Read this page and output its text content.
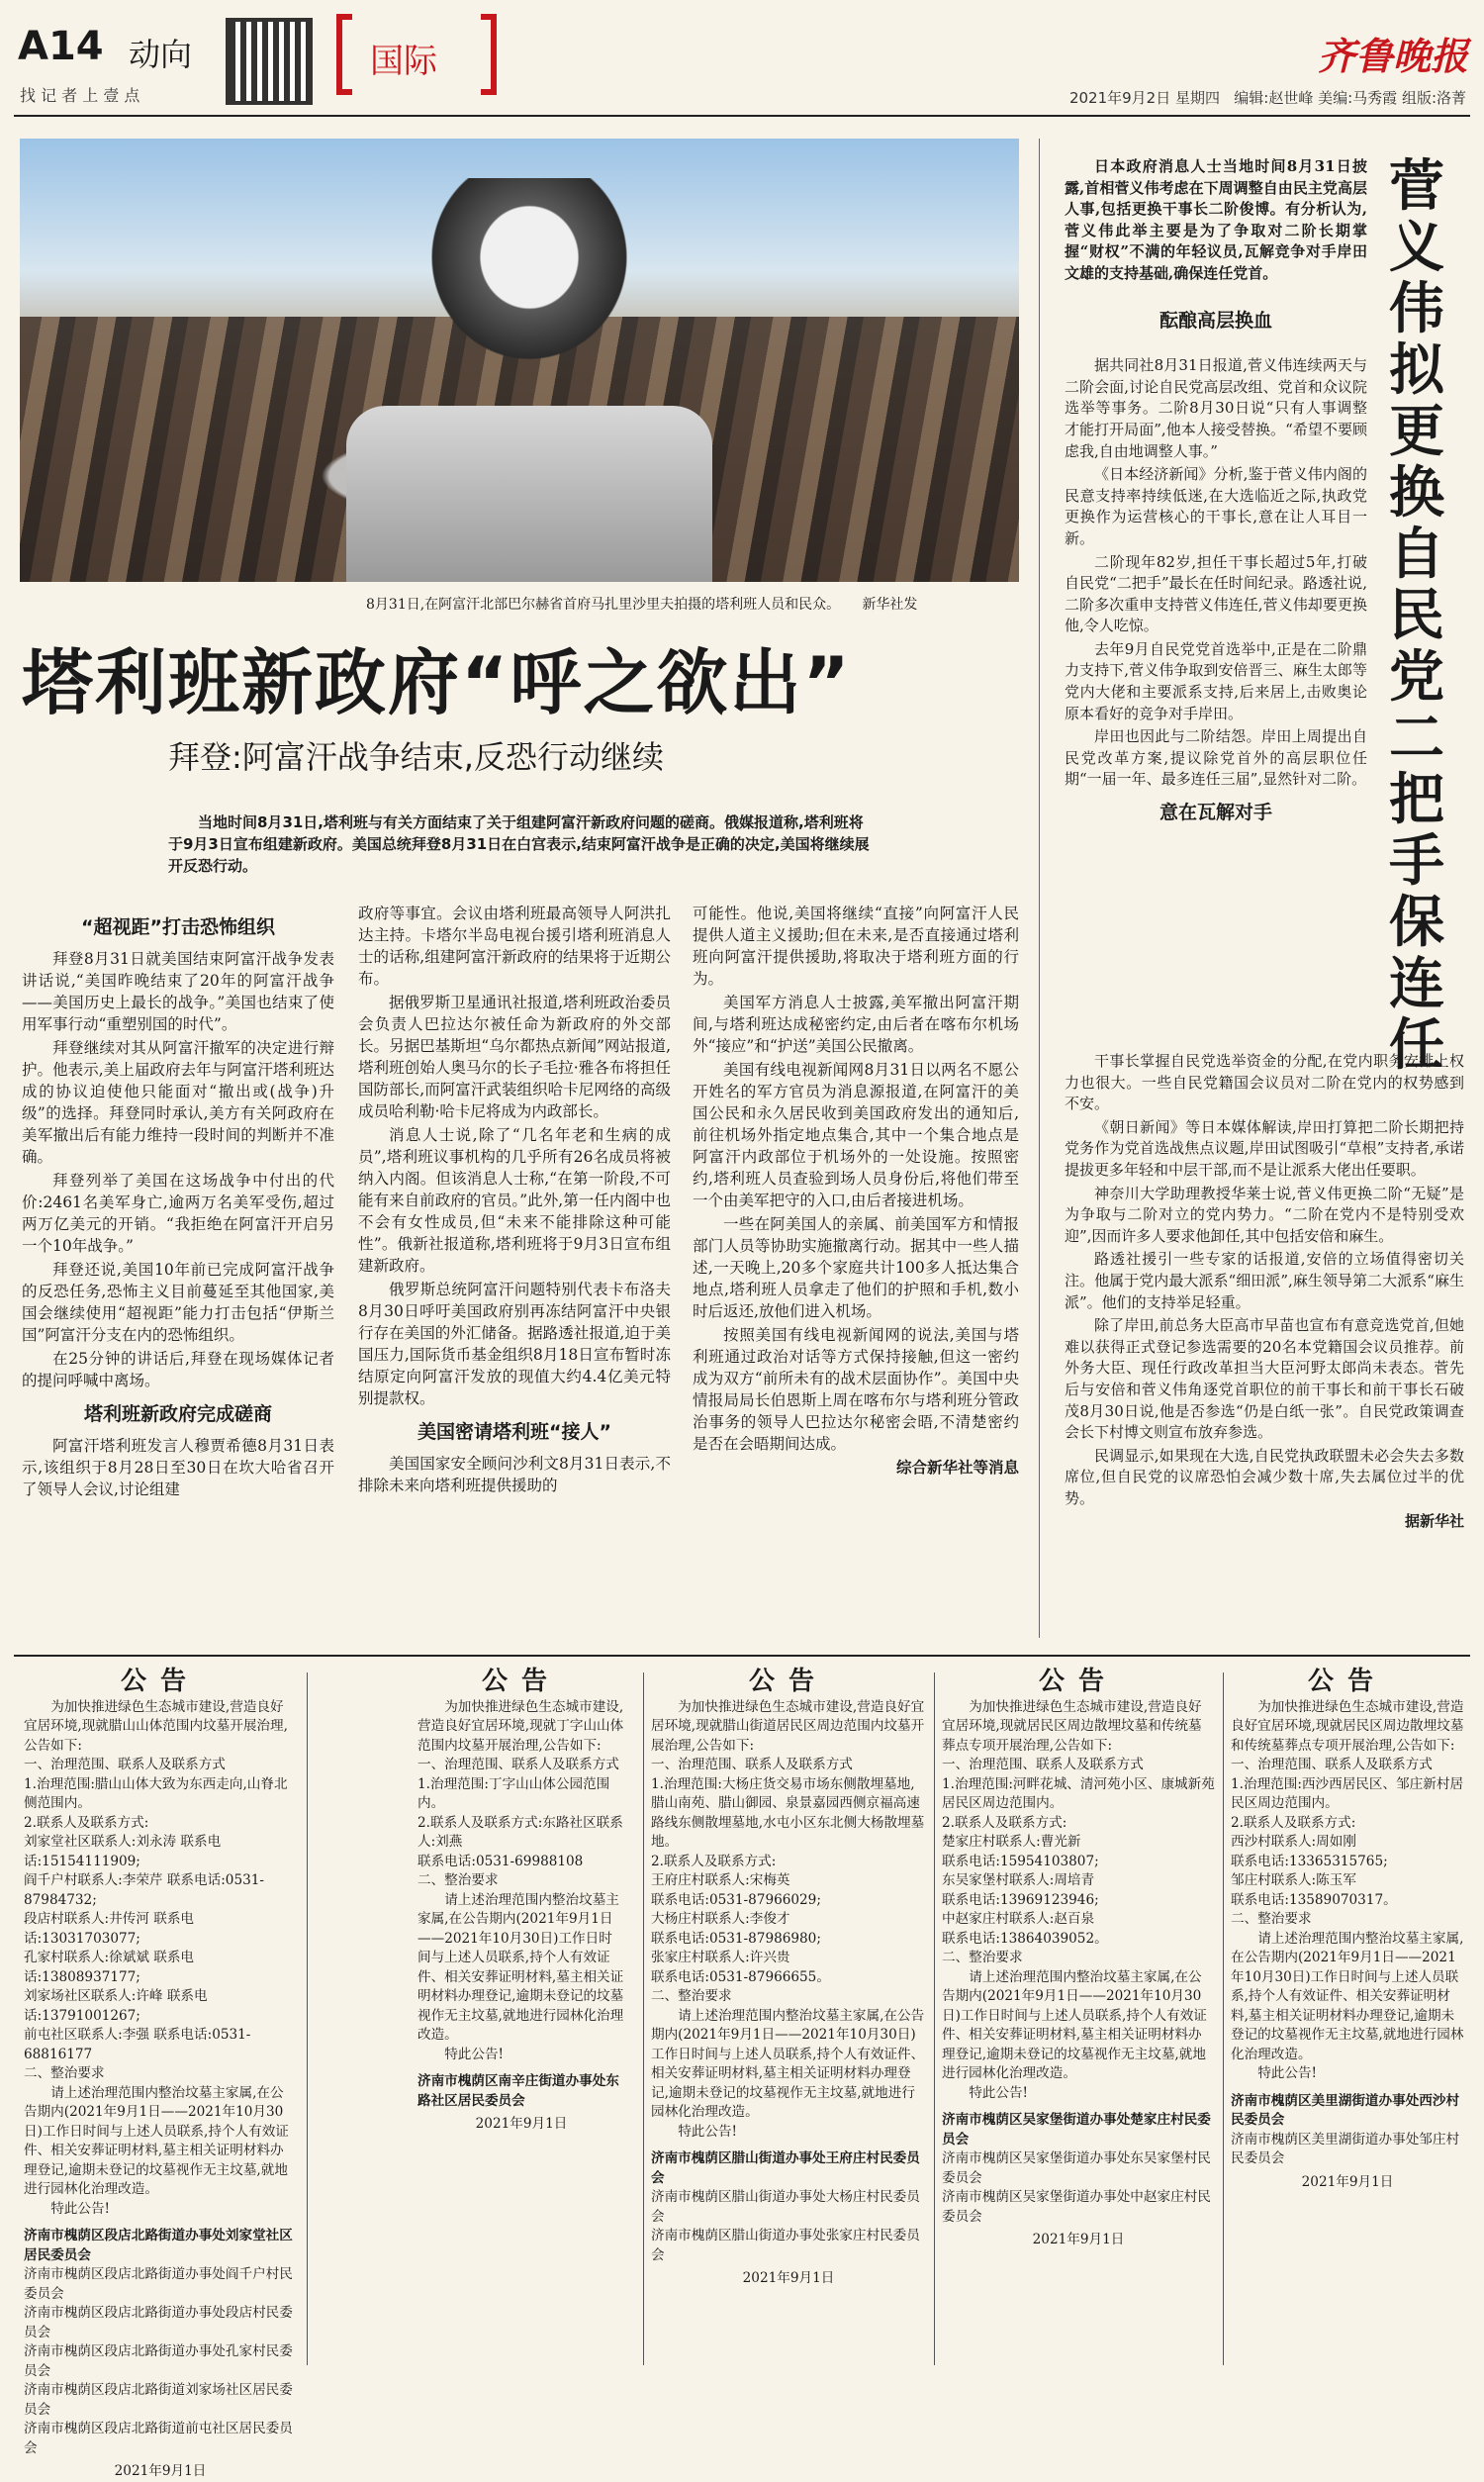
A14 动向
找 记 者 上 壹 点
国际	齐鲁晚报
2021年9月2日 星期四 编辑:赵世峰 美编:马秀霞 组版:洛菁
8月31日,在阿富汗北部巴尔赫省首府马扎里沙里夫拍摄的塔利班人员和民众。 新华社发
塔利班新政府“呼之欲出”
拜登:阿富汗战争结束,反恐行动继续
当地时间8月31日,塔利班与有关方面结束了关于组建阿富汗新政府问题的磋商。俄媒报道称,塔利班将于9月3日宣布组建新政府。美国总统拜登8月31日在白宫表示,结束阿富汗战争是正确的决定,美国将继续展开反恐行动。
“超视距”打击恐怖组织

拜登8月31日就美国结束阿富汗战争发表讲话说,“美国昨晚结束了20年的阿富汗战争——美国历史上最长的战争。”美国也结束了使用军事行动“重塑别国的时代”。

拜登继续对其从阿富汗撤军的决定进行辩护。他表示,美上届政府去年与阿富汗塔利班达成的协议迫使他只能面对“撤出或(战争)升级”的选择。拜登同时承认,美方有关阿政府在美军撤出后有能力维持一段时间的判断并不准确。

拜登列举了美国在这场战争中付出的代价:2461名美军身亡,逾两万名美军受伤,超过两万亿美元的开销。“我拒绝在阿富汗开启另一个10年战争。”

拜登还说,美国10年前已完成阿富汗战争的反恐任务,恐怖主义目前蔓延至其他国家,美国会继续使用“超视距”能力打击包括“伊斯兰国”阿富汗分支在内的恐怖组织。

在25分钟的讲话后,拜登在现场媒体记者的提问呼喊中离场。

塔利班新政府完成磋商

阿富汗塔利班发言人穆贾希德8月31日表示,该组织于8月28日至30日在坎大哈省召开了领导人会议,讨论组建

政府等事宜。会议由塔利班最高领导人阿洪扎达主持。卡塔尔半岛电视台援引塔利班消息人士的话称,组建阿富汗新政府的结果将于近期公布。

据俄罗斯卫星通讯社报道,塔利班政治委员会负责人巴拉达尔被任命为新政府的外交部长。另据巴基斯坦“乌尔都热点新闻”网站报道,塔利班创始人奥马尔的长子毛拉·雅各布将担任国防部长,而阿富汗武装组织哈卡尼网络的高级成员哈利勒·哈卡尼将成为内政部长。

消息人士说,除了“几名年老和生病的成员”,塔利班议事机构的几乎所有26名成员将被纳入内阁。但该消息人士称,“在第一阶段,不可能有来自前政府的官员。”此外,第一任内阁中也不会有女性成员,但“未来不能排除这种可能性”。俄新社报道称,塔利班将于9月3日宣布组建新政府。

俄罗斯总统阿富汗问题特别代表卡布洛夫8月30日呼吁美国政府别再冻结阿富汗中央银行存在美国的外汇储备。据路透社报道,迫于美国压力,国际货币基金组织8月18日宣布暂时冻结原定向阿富汗发放的现值大约4.4亿美元特别提款权。

美国密请塔利班“接人”

美国国家安全顾问沙利文8月31日表示,不排除未来向塔利班提供援助的

可能性。他说,美国将继续“直接”向阿富汗人民提供人道主义援助;但在未来,是否直接通过塔利班向阿富汗提供援助,将取决于塔利班方面的行为。

美国军方消息人士披露,美军撤出阿富汗期间,与塔利班达成秘密约定,由后者在喀布尔机场外“接应”和“护送”美国公民撤离。

美国有线电视新闻网8月31日以两名不愿公开姓名的军方官员为消息源报道,在阿富汗的美国公民和永久居民收到美国政府发出的通知后,前往机场外指定地点集合,其中一个集合地点是阿富汗内政部位于机场外的一处设施。按照密约,塔利班人员查验到场人员身份后,将他们带至一个由美军把守的入口,由后者接进机场。

一些在阿美国人的亲属、前美国军方和情报部门人员等协助实施撤离行动。据其中一些人描述,一天晚上,20多个家庭共计100多人抵达集合地点,塔利班人员拿走了他们的护照和手机,数小时后返还,放他们进入机场。

按照美国有线电视新闻网的说法,美国与塔利班通过政治对话等方式保持接触,但这一密约成为双方“前所未有的战术层面协作”。美国中央情报局局长伯恩斯上周在喀布尔与塔利班分管政治事务的领导人巴拉达尔秘密会晤,不清楚密约是否在会晤期间达成。

综合新华社等消息
菅义伟拟更换自民党二把手保连任

日本政府消息人士当地时间8月31日披露,首相菅义伟考虑在下周调整自由民主党高层人事,包括更换干事长二阶俊博。有分析认为,菅义伟此举主要是为了争取对二阶长期掌握“财权”不满的年轻议员,瓦解竞争对手岸田文雄的支持基础,确保连任党首。

酝酿高层换血

据共同社8月31日报道,菅义伟连续两天与二阶会面,讨论自民党高层改组、党首和众议院选举等事务。二阶8月30日说“只有人事调整才能打开局面”,他本人接受替换。“希望不要顾虑我,自由地调整人事。”

《日本经济新闻》分析,鉴于菅义伟内阁的民意支持率持续低迷,在大选临近之际,执政党更换作为运营核心的干事长,意在让人耳目一新。

二阶现年82岁,担任干事长超过5年,打破自民党“二把手”最长在任时间纪录。路透社说,二阶多次重申支持菅义伟连任,菅义伟却要更换他,令人吃惊。

去年9月自民党党首选举中,正是在二阶鼎力支持下,菅义伟争取到安倍晋三、麻生太郎等党内大佬和主要派系支持,后来居上,击败奥论原本看好的竞争对手岸田。

岸田也因此与二阶结怨。岸田上周提出自民党改革方案,提议除党首外的高层职位任期“一届一年、最多连任三届”,显然针对二阶。

意在瓦解对手

干事长掌握自民党选举资金的分配,在党内职务安排上权力也很大。一些自民党籍国会议员对二阶在党内的权势感到不安。

《朝日新闻》等日本媒体解读,岸田打算把二阶长期把持党务作为党首选战焦点议题,岸田试图吸引“草根”支持者,承诺提拔更多年轻和中层干部,而不是让派系大佬出任要职。

神奈川大学助理教授华莱士说,菅义伟更换二阶“无疑”是为争取与二阶对立的党内势力。“二阶在党内不是特别受欢迎”,因而许多人要求他卸任,其中包括安倍和麻生。

路透社援引一些专家的话报道,安倍的立场值得密切关注。他属于党内最大派系“细田派”,麻生领导第二大派系“麻生派”。他们的支持举足轻重。

除了岸田,前总务大臣高市早苗也宣布有意竞选党首,但她难以获得正式登记参选需要的20名本党籍国会议员推荐。前外务大臣、现任行政改革担当大臣河野太郎尚未表态。菅先后与安倍和菅义伟角逐党首职位的前干事长和前干事长石破茂8月30日说,他是否参选“仍是白纸一张”。自民党政策调查会长下村博文则宣布放弃参选。

民调显示,如果现在大选,自民党执政联盟未必会失去多数席位,但自民党的议席恐怕会减少数十席,失去属位过半的优势。

据新华社
公告

为加快推进绿色生态城市建设,营造良好宜居环境,现就腊山山体范围内坟墓开展治理,公告如下:

一、治理范围、联系人及联系方式

1.治理范围:腊山山体大致为东西走向,山脊北侧范围内。

2.联系人及联系方式:

刘家堂社区联系人:刘永涛 联系电话:15154111909;

阎千户村联系人:李荣芹 联系电话:0531-87984732;

段店村联系人:井传河 联系电话:13031703077;

孔家村联系人:徐斌斌 联系电话:13808937177;

刘家场社区联系人:许峰 联系电话:13791001267;

前屯社区联系人:李强 联系电话:0531-68816177

二、整治要求

请上述治理范围内整治坟墓主家属,在公告期内(2021年9月1日——2021年10月30日)工作日时间与上述人员联系,持个人有效证件、相关安葬证明材料,墓主相关证明材料办理登记,逾期未登记的坟墓视作无主坟墓,就地进行园林化治理改造。

特此公告!

济南市槐荫区段店北路街道办事处刘家堂社区居民委员会

济南市槐荫区段店北路街道办事处阎千户村民委员会

济南市槐荫区段店北路街道办事处段店村民委员会

济南市槐荫区段店北路街道办事处孔家村民委员会

济南市槐荫区段店北路街道刘家场社区居民委员会

济南市槐荫区段店北路街道前屯社区居民委员会

2021年9月1日

公告

为加快推进绿色生态城市建设,营造良好宜居环境,现就丁字山山体范围内坟墓开展治理,公告如下:

一、治理范围、联系人及联系方式

1.治理范围:丁字山山体公园范围内。

2.联系人及联系方式:东路社区联系人:刘燕

联系电话:0531-69988108

二、整治要求

请上述治理范围内整治坟墓主家属,在公告期内(2021年9月1日——2021年10月30日)工作日时间与上述人员联系,持个人有效证件、相关安葬证明材料,墓主相关证明材料办理登记,逾期未登记的坟墓视作无主坟墓,就地进行园林化治理改造。

特此公告!

济南市槐荫区南辛庄街道办事处东路社区居民委员会

2021年9月1日

公告

为加快推进绿色生态城市建设,营造良好宜居环境,现就腊山街道居民区周边范围内坟墓开展治理,公告如下:

一、治理范围、联系人及联系方式

1.治理范围:大杨庄货交易市场东侧散埋墓地,腊山南苑、腊山御园、泉景嘉园西侧京福高速路线东侧散埋墓地,水屯小区东北侧大杨散埋墓地。

2.联系人及联系方式:

王府庄村联系人:宋梅英

联系电话:0531-87966029;

大杨庄村联系人:李俊才

联系电话:0531-87986980;

张家庄村联系人:许兴贵

联系电话:0531-87966655。

二、整治要求

请上述治理范围内整治坟墓主家属,在公告期内(2021年9月1日——2021年10月30日)工作日时间与上述人员联系,持个人有效证件、相关安葬证明材料,墓主相关证明材料办理登记,逾期未登记的坟墓视作无主坟墓,就地进行园林化治理改造。

特此公告!

济南市槐荫区腊山街道办事处王府庄村民委员会

济南市槐荫区腊山街道办事处大杨庄村民委员会

济南市槐荫区腊山街道办事处张家庄村民委员会

2021年9月1日

公告

为加快推进绿色生态城市建设,营造良好宜居环境,现就居民区周边散埋坟墓和传统墓葬点专项开展治理,公告如下:

一、治理范围、联系人及联系方式

1.治理范围:河畔花城、清河苑小区、康城新苑居民区周边范围内。

2.联系人及联系方式:

楚家庄村联系人:曹光新

联系电话:15954103807;

东吴家堡村联系人:周培青

联系电话:13969123946;

中赵家庄村联系人:赵百泉

联系电话:13864039052。

二、整治要求

请上述治理范围内整治坟墓主家属,在公告期内(2021年9月1日——2021年10月30日)工作日时间与上述人员联系,持个人有效证件、相关安葬证明材料,墓主相关证明材料办理登记,逾期未登记的坟墓视作无主坟墓,就地进行园林化治理改造。

特此公告!

济南市槐荫区吴家堡街道办事处楚家庄村民委员会

济南市槐荫区吴家堡街道办事处东吴家堡村民委员会

济南市槐荫区吴家堡街道办事处中赵家庄村民委员会

2021年9月1日

公告

为加快推进绿色生态城市建设,营造良好宜居环境,现就居民区周边散埋坟墓和传统墓葬点专项开展治理,公告如下:

一、治理范围、联系人及联系方式

1.治理范围:西沙西居民区、邹庄新村居民区周边范围内。

2.联系人及联系方式:

西沙村联系人:周如刚

联系电话:13365315765;

邹庄村联系人:陈玉军

联系电话:13589070317。

二、整治要求

请上述治理范围内整治坟墓主家属,在公告期内(2021年9月1日——2021年10月30日)工作日时间与上述人员联系,持个人有效证件、相关安葬证明材料,墓主相关证明材料办理登记,逾期未登记的坟墓视作无主坟墓,就地进行园林化治理改造。

特此公告!

济南市槐荫区美里湖街道办事处西沙村民委员会

济南市槐荫区美里湖街道办事处邹庄村民委员会

2021年9月1日
